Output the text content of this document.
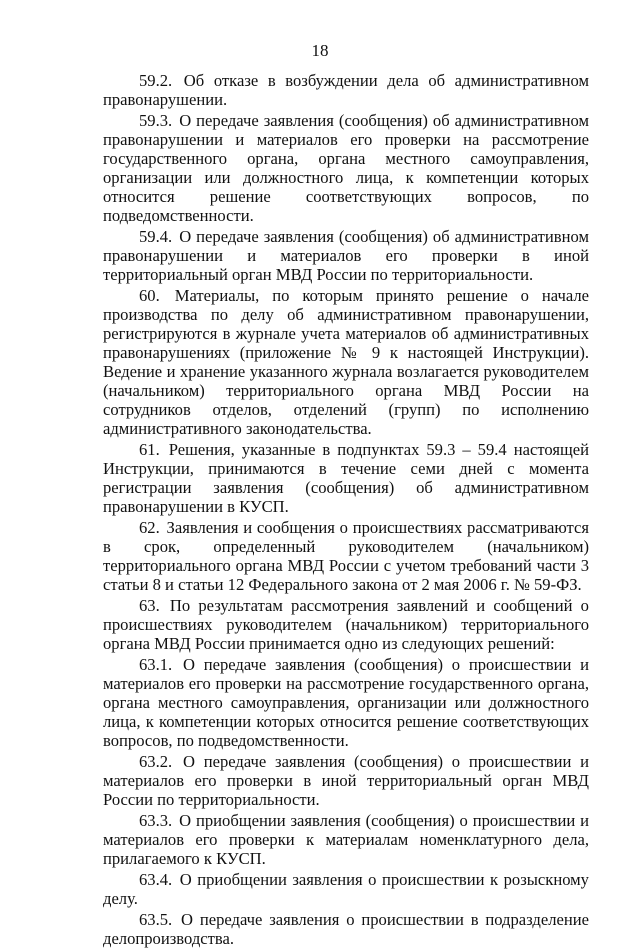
18

59.2. Об отказе в возбуждении дела об административном правонарушении.

59.3. О передаче заявления (сообщения) об административном правонарушении и материалов его проверки на рассмотрение государственного органа, органа местного самоуправления, организации или должностного лица, к компетенции которых относится решение соответствующих вопросов, по подведомственности.

59.4. О передаче заявления (сообщения) об административном правонарушении и материалов его проверки в иной территориальный орган МВД России по территориальности.

60. Материалы, по которым принято решение о начале производства по делу об административном правонарушении, регистрируются в журнале учета материалов об административных правонарушениях (приложение № 9 к настоящей Инструкции). Ведение и хранение указанного журнала возлагается руководителем (начальником) территориального органа МВД России на сотрудников отделов, отделений (групп) по исполнению административного законодательства.

61. Решения, указанные в подпунктах 59.3 – 59.4 настоящей Инструкции, принимаются в течение семи дней с момента регистрации заявления (сообщения) об административном правонарушении в КУСП.

62. Заявления и сообщения о происшествиях рассматриваются в срок, определенный руководителем (начальником) территориального органа МВД России с учетом требований части 3 статьи 8 и статьи 12 Федерального закона от 2 мая 2006 г. № 59-ФЗ.

63. По результатам рассмотрения заявлений и сообщений о происшествиях руководителем (начальником) территориального органа МВД России принимается одно из следующих решений:

63.1. О передаче заявления (сообщения) о происшествии и материалов его проверки на рассмотрение государственного органа, органа местного самоуправления, организации или должностного лица, к компетенции которых относится решение соответствующих вопросов, по подведомственности.

63.2. О передаче заявления (сообщения) о происшествии и материалов его проверки в иной территориальный орган МВД России по территориальности.

63.3. О приобщении заявления (сообщения) о происшествии и материалов его проверки к материалам номенклатурного дела, прилагаемого к КУСП.

63.4. О приобщении заявления о происшествии к розыскному делу.

63.5. О передаче заявления о происшествии в подразделение делопроизводства.
